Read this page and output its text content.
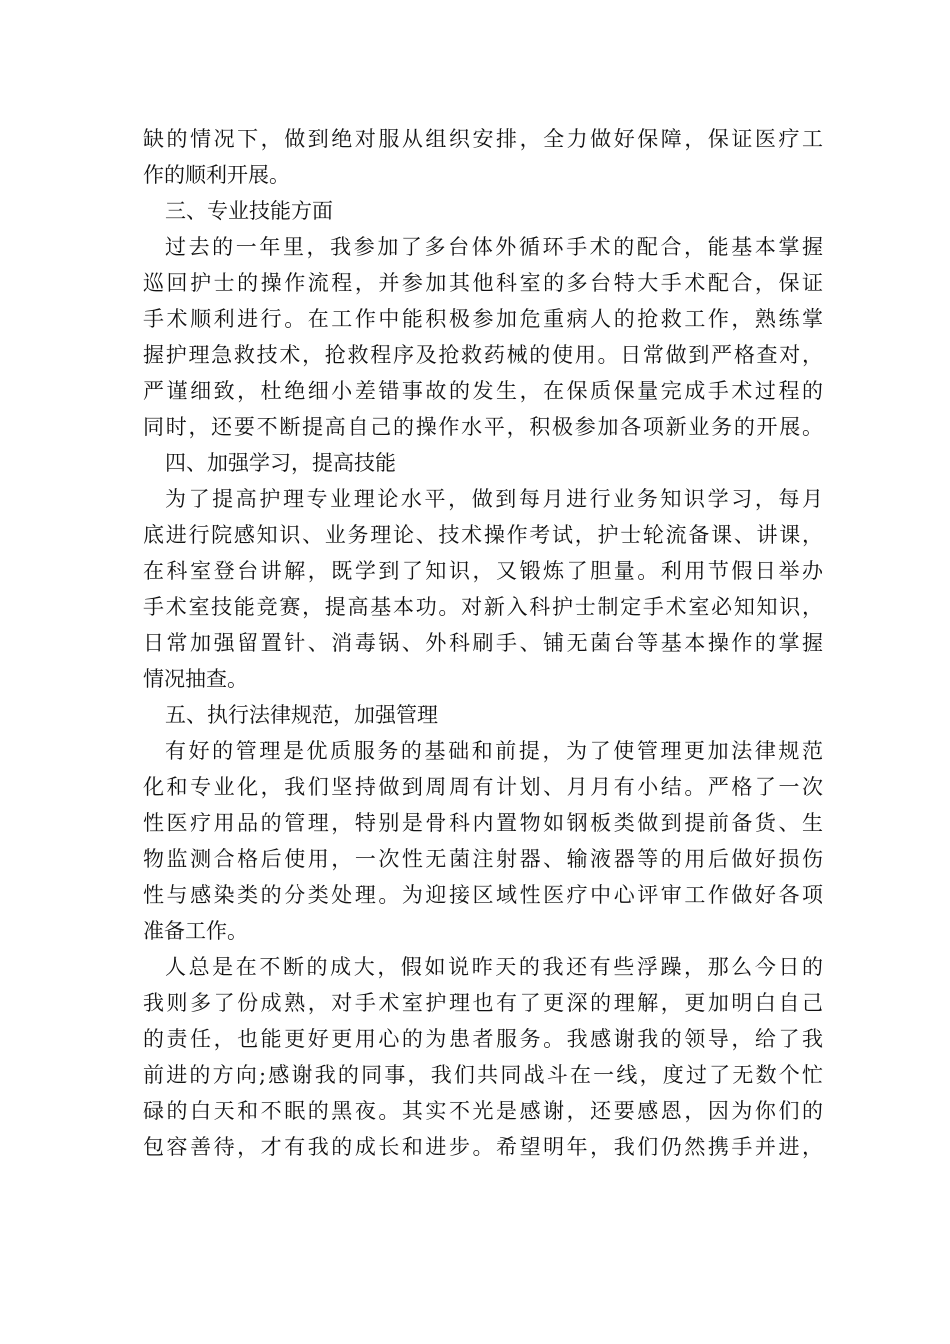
缺的情况下，做到绝对服从组织安排，全力做好保障，保证医疗工
作的顺利开展。
三、专业技能方面
过去的一年里，我参加了多台体外循环手术的配合，能基本掌握
巡回护士的操作流程，并参加其他科室的多台特大手术配合，保证
手术顺利进行。在工作中能积极参加危重病人的抢救工作，熟练掌
握护理急救技术，抢救程序及抢救药械的使用。日常做到严格查对，
严谨细致，杜绝细小差错事故的发生，在保质保量完成手术过程的
同时，还要不断提高自己的操作水平，积极参加各项新业务的开展。
四、加强学习，提高技能
为了提高护理专业理论水平，做到每月进行业务知识学习，每月
底进行院感知识、业务理论、技术操作考试，护士轮流备课、讲课，
在科室登台讲解，既学到了知识，又锻炼了胆量。利用节假日举办
手术室技能竞赛，提高基本功。对新入科护士制定手术室必知知识，
日常加强留置针、消毒锅、外科刷手、铺无菌台等基本操作的掌握
情况抽查。
五、执行法律规范，加强管理
有好的管理是优质服务的基础和前提，为了使管理更加法律规范
化和专业化，我们坚持做到周周有计划、月月有小结。严格了一次
性医疗用品的管理，特别是骨科内置物如钢板类做到提前备货、生
物监测合格后使用，一次性无菌注射器、输液器等的用后做好损伤
性与感染类的分类处理。为迎接区域性医疗中心评审工作做好各项
准备工作。
人总是在不断的成大，假如说昨天的我还有些浮躁，那么今日的
我则多了份成熟，对手术室护理也有了更深的理解，更加明白自己
的责任，也能更好更用心的为患者服务。我感谢我的领导，给了我
前进的方向;感谢我的同事，我们共同战斗在一线，度过了无数个忙
碌的白天和不眠的黑夜。其实不光是感谢，还要感恩，因为你们的
包容善待，才有我的成长和进步。希望明年，我们仍然携手并进，
